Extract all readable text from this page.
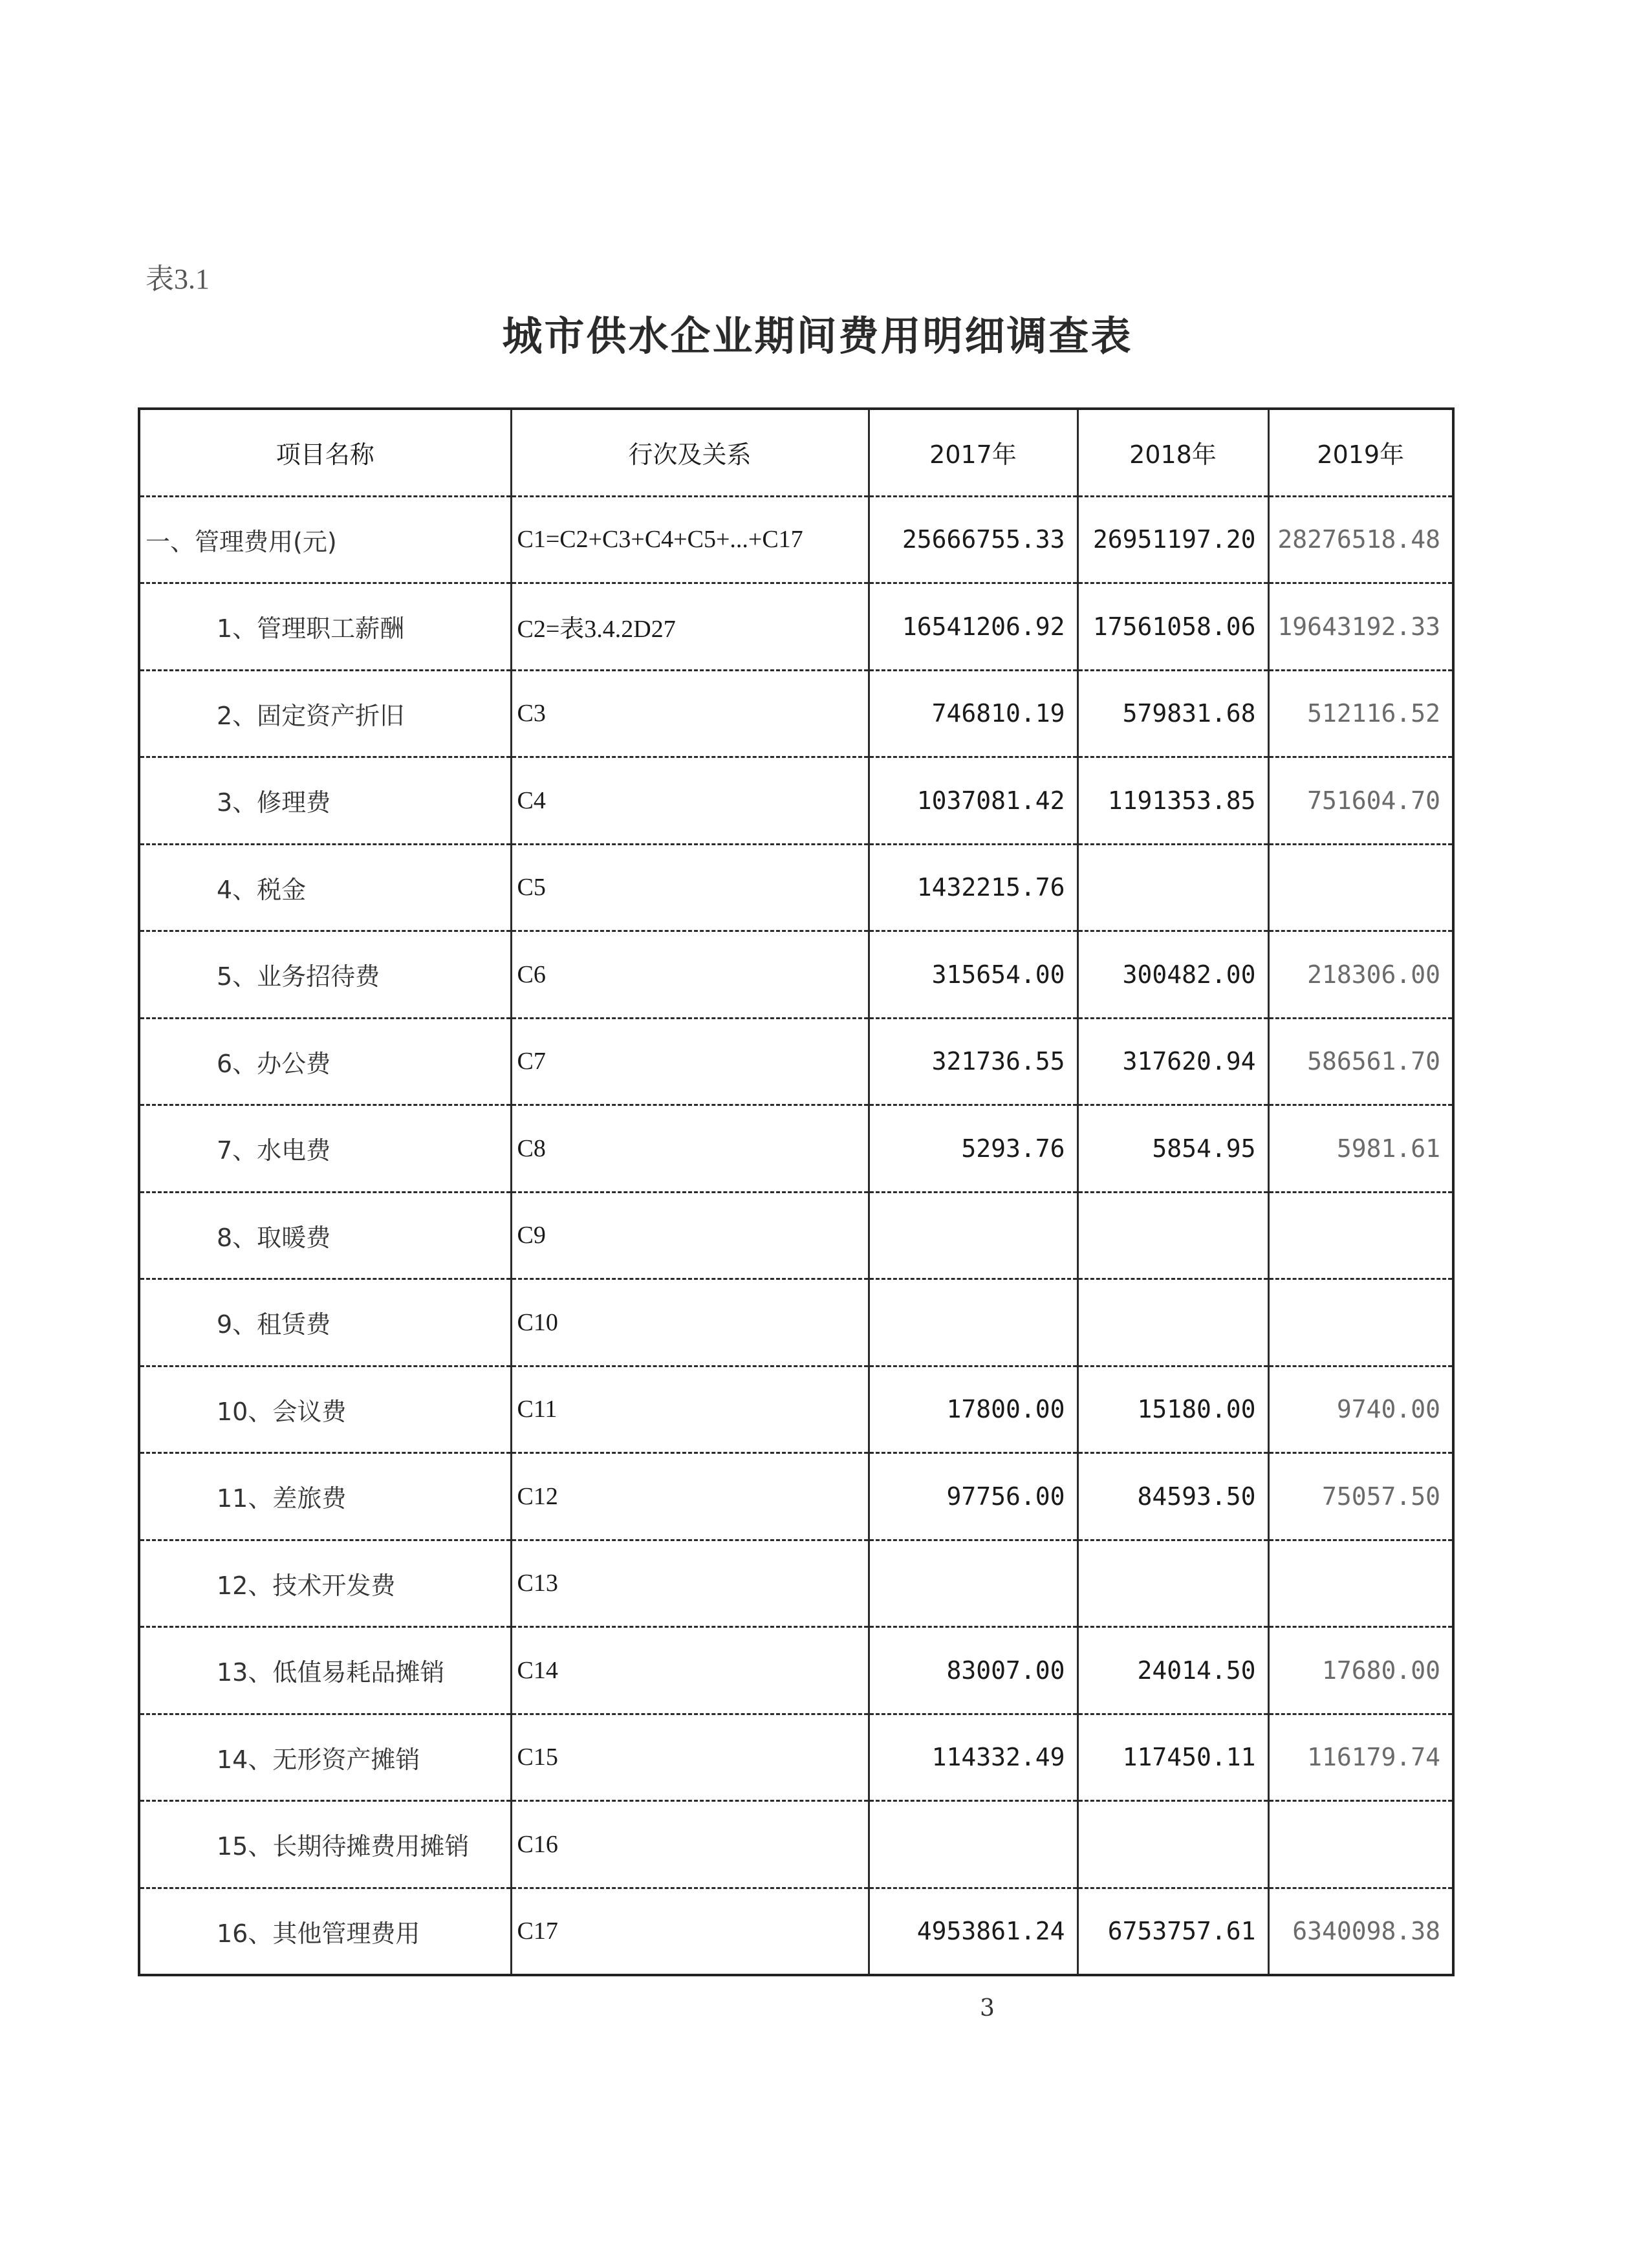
表3.1
城市供水企业期间费用明细调查表
项目名称	行次及关系	2017年	2018年	2019年
一、管理费用(元)	C1=C2+C3+C4+C5+...+C17	25666755.33	26951197.20	28276518.48
1、管理职工薪酬	C2=表3.4.2D27	16541206.92	17561058.06	19643192.33
2、固定资产折旧	C3	746810.19	579831.68	512116.52
3、修理费	C4	1037081.42	1191353.85	751604.70
4、税金	C5	1432215.76		
5、业务招待费	C6	315654.00	300482.00	218306.00
6、办公费	C7	321736.55	317620.94	586561.70
7、水电费	C8	5293.76	5854.95	5981.61
8、取暖费	C9			
9、租赁费	C10			
10、会议费	C11	17800.00	15180.00	9740.00
11、差旅费	C12	97756.00	84593.50	75057.50
12、技术开发费	C13			
13、低值易耗品摊销	C14	83007.00	24014.50	17680.00
14、无形资产摊销	C15	114332.49	117450.11	116179.74
15、长期待摊费用摊销	C16			
16、其他管理费用	C17	4953861.24	6753757.61	6340098.38
3
